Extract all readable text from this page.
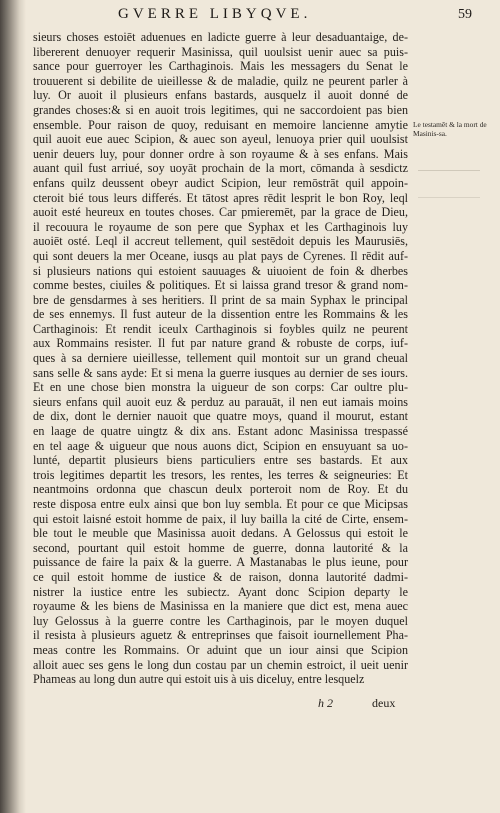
GVERRE LIBYQVE.	59
sieurs choses estoiēt aduenues en ladicte guerre à leur desaduantaige, de-
libererent denuoyer requerir Masinissa, quil uoulsist uenir auec sa puis-
sance pour guerroyer les Carthaginois. Mais les messagers du Senat le
trouuerent si debilite de uieillesse & de maladie, quilz ne peurent parler à
luy. Or auoit il plusieurs enfans bastards, ausquelz il auoit donné de
grandes choses:& si en auoit trois legitimes, qui ne saccordoient pas bien
ensemble. Pour raison de quoy, reduisant en memoire lancienne amytie
quil auoit eue auec Scipion, & auec son ayeul, lenuoya prier quil uoulsist
uenir deuers luy, pour donner ordre à son royaume & à ses enfans. Mais
auant quil fust arriué, soy uoyāt prochain de la mort, cōmanda à sesdictz
enfans quilz deussent obeyr audict Scipion, leur remōstrāt quil appoin-
cteroit bié tous leurs differés. Et tātost apres rēdit lesprit le bon Roy, leql
auoit esté heureux en toutes choses. Car pmieremēt, par la grace de Dieu,
il recouura le royaume de son pere que Syphax et les Carthaginois luy
auoiēt osté. Leql il accreut tellement, quil sestēdoit depuis les Maurusiēs,
qui sont deuers la mer Oceane, iusqs au plat pays de Cyrenes. Il rēdit auf-
si plusieurs nations qui estoient sauuages & uiuoient de foin & dherbes
comme bestes, ciuiles & politiques. Et si laissa grand tresor & grand nom-
bre de gensdarmes à ses heritiers. Il print de sa main Syphax le principal
de ses ennemys. Il fust auteur de la dissention entre les Rommains & les
Carthaginois: Et rendit iceulx Carthaginois si foybles quilz ne peurent
aux Rommains resister. Il fut par nature grand & robuste de corps, iuf-
ques à sa derniere uieillesse, tellement quil montoit sur un grand cheual
sans selle & sans ayde: Et si mena la guerre iusques au dernier de ses iours.
Et en une chose bien monstra la uigueur de son corps: Car oultre plu-
sieurs enfans quil auoit euz & perduz au parauāt, il nen eut iamais moins
de dix, dont le dernier nauoit que quatre moys, quand il mourut, estant
en laage de quatre uingtz & dix ans. Estant adonc Masinissa trespassé
en tel aage & uigueur que nous auons dict, Scipion en ensuyuant sa uo-
lunté, departit plusieurs biens particuliers entre ses bastards. Et aux
trois legitimes departit les tresors, les rentes, les terres & seigneuries: Et
neantmoins ordonna que chascun deulx porteroit nom de Roy. Et du
reste disposa entre eulx ainsi que bon luy sembla. Et pour ce que Micipsas
qui estoit laisné estoit homme de paix, il luy bailla la cité de Cirte, ensem-
ble tout le meuble que Masinissa auoit dedans. A Gelossus qui estoit le
second, pourtant quil estoit homme de guerre, donna lautorité & la
puissance de faire la paix & la guerre. A Mastanabas le plus ieune, pour
ce quil estoit homme de iustice & de raison, donna lautorité dadmi-
nistrer la iustice entre les subiectz. Ayant donc Scipion departy le
royaume & les biens de Masinissa en la maniere que dict est, mena auec
luy Gelossus à la guerre contre les Carthaginois, par le moyen duquel
il resista à plusieurs aguetz & entreprinses que faisoit iournellement Pha-
meas contre les Rommains. Or aduint que un iour ainsi que Scipion
alloit auec ses gens le long dun costau par un chemin estroict, il ueit uenir
Phameas au long dun autre qui estoit uis à uis diceluy, entre lesquelz
Le testamēt & la mort de Masinis-sa.
h 2	deux
